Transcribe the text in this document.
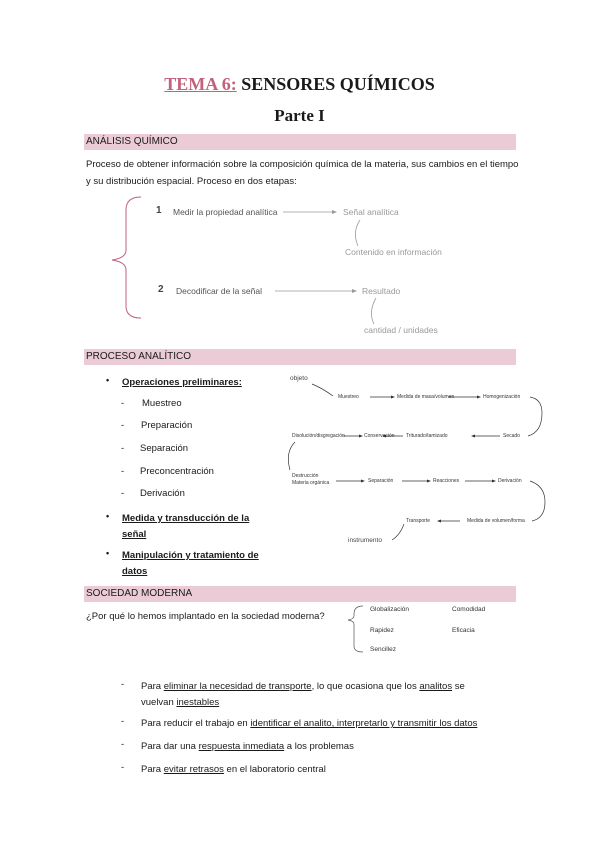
TEMA 6: SENSORES QUÍMICOS
Parte I
ANÁLISIS QUÍMICO
Proceso de obtener información sobre la composición química de la materia, sus cambios en el tiempo y su distribución espacial. Proceso en dos etapas:
1 Medir la propiedad analítica	Señal analítica
Contenido en información
2 Decodificar de la señal	Resultado
cantidad / unidades
PROCESO ANALÍTICO
• Operaciones preliminares:
- Muestreo
- Preparación
- Separación
- Preconcentración
- Derivación
• Medida y transducción de la señal
• Manipulación y tratamiento de datos
objeto
Muestreo	Medida de masa/volumen	Homogenización
Disolución/disgregación	Conservación Triturado/tamizado	Secado
Destrucción
Materia orgánica	Separación	Reacciones	Derivación
Transporte	Medida de volumen/forma
instrumento
SOCIEDAD MODERNA
¿Por qué lo hemos implantado en la sociedad moderna?
Globalización	Comodidad
Rapidez	Eficacia
Sencillez
- Para eliminar la necesidad de transporte, lo que ocasiona que los analitos se
vuelvan inestables
- Para reducir el trabajo en identificar el analito, interpretarlo y transmitir los datos
- Para dar una respuesta inmediata a los problemas
- Para evitar retrasos en el laboratorio central
